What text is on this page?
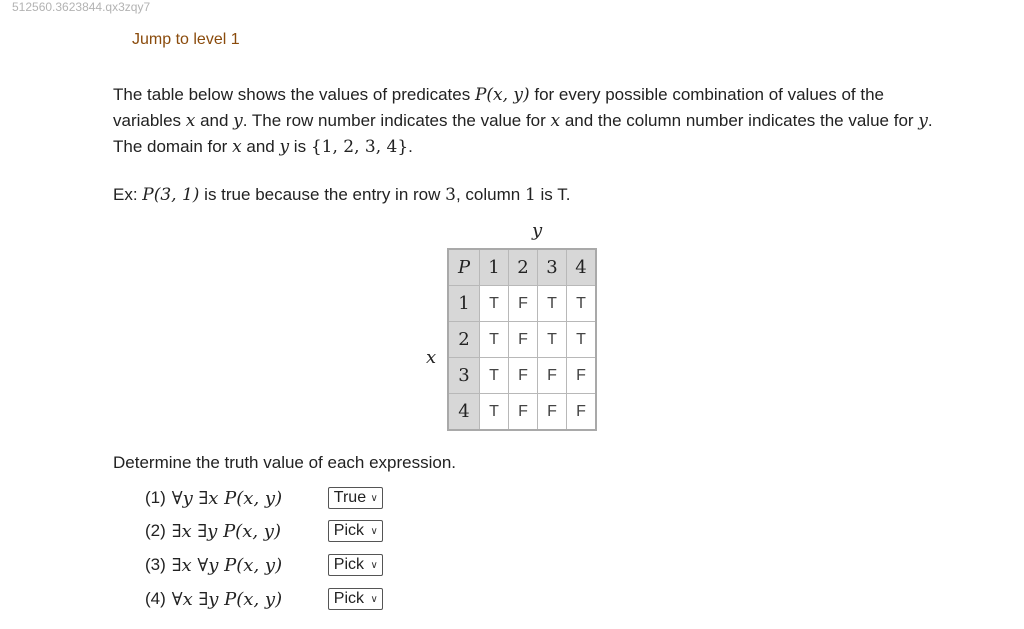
512560.3623844.qx3zqy7
Jump to level 1

The table below shows the values of predicates P(x, y) for every possible combination of values of the variables x and y. The row number indicates the value for x and the column number indicates the value for y. The domain for x and y is {1, 2, 3, 4}.

Ex: P(3, 1) is true because the entry in row 3, column 1 is T.
y
x
P	1	2	3	4
1	T	F	T	T
2	T	F	T	T
3	T	F	F	F
4	T	F	F	F
Determine the truth value of each expression.
(1) ∀y ∃x P(x, y)	True ∨
(2) ∃x ∃y P(x, y)	Pick ∨
(3) ∃x ∀y P(x, y)	Pick ∨
(4) ∀x ∃y P(x, y)	Pick ∨
